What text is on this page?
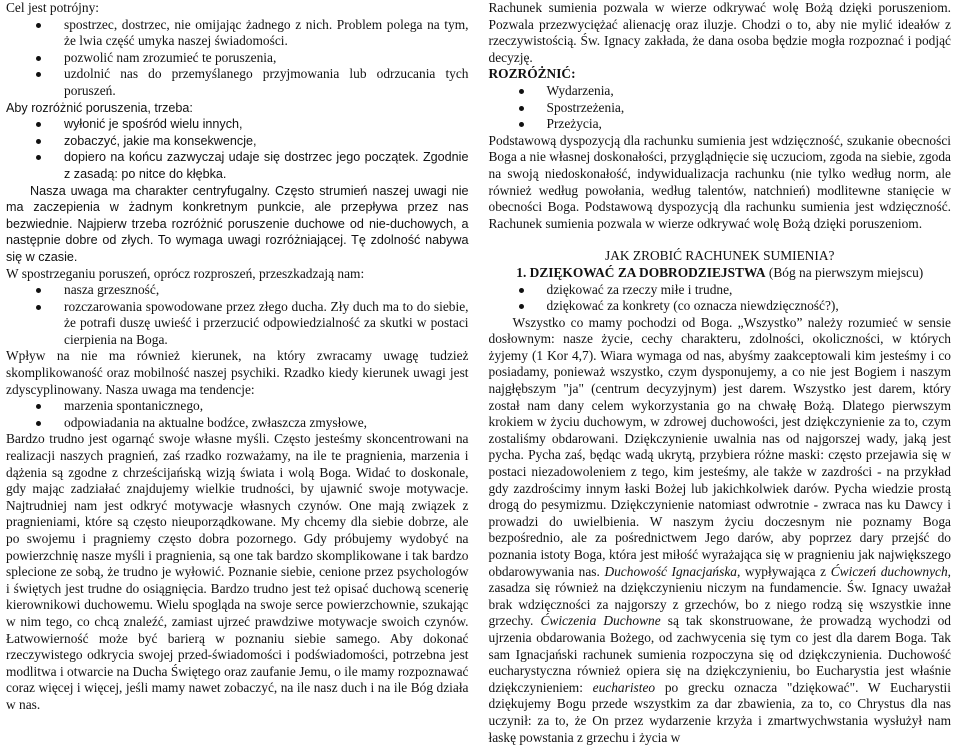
Cel jest potrójny:

spostrzec, dostrzec, nie omijając żadnego z nich. Problem polega na tym, że lwia część umyka naszej świadomości.
pozwolić nam zrozumieć te poruszenia,
uzdolnić nas do przemyślanego przyjmowania lub odrzucania tych poruszeń.

Aby rozróżnić poruszenia, trzeba:

wyłonić je spośród wielu innych,
zobaczyć, jakie ma konsekwencje,
dopiero na końcu zazwyczaj udaje się dostrzec jego początek. Zgodnie z zasadą: po nitce do kłębka.

Nasza uwaga ma charakter centryfugalny. Często strumień naszej uwagi nie ma zaczepienia w żadnym konkretnym punkcie, ale przepływa przez nas bezwiednie. Najpierw trzeba rozróżnić poruszenie duchowe od nie-duchowych, a następnie dobre od złych. To wymaga uwagi rozróżniającej. Tę zdolność nabywa się w czasie.

W spostrzeganiu poruszeń, oprócz rozproszeń, przeszkadzają nam:

nasza grzeszność,
rozczarowania spowodowane przez złego ducha. Zły duch ma to do siebie, że potrafi duszę uwieść i przerzucić odpowiedzialność za skutki w postaci cierpienia na Boga.

Wpływ na nie ma również kierunek, na który zwracamy uwagę tudzież skomplikowaność oraz mobilność naszej psychiki. Rzadko kiedy kierunek uwagi jest zdyscyplinowany. Nasza uwaga ma tendencje:

marzenia spontanicznego,
odpowiadania na aktualne bodźce, zwłaszcza zmysłowe,

Bardzo trudno jest ogarnąć swoje własne myśli. Często jesteśmy skoncentrowani na realizacji naszych pragnień, zaś rzadko rozważamy, na ile te pragnienia, marzenia i dążenia są zgodne z chrześcijańską wizją świata i wolą Boga. Widać to doskonale, gdy mając zadziałać znajdujemy wielkie trudności, by ujawnić swoje motywacje. Najtrudniej nam jest odkryć motywacje własnych czynów. One mają związek z pragnieniami, które są często nieuporządkowane. My chcemy dla siebie dobrze, ale po swojemu i pragniemy często dobra pozornego. Gdy próbujemy wydobyć na powierzchnię nasze myśli i pragnienia, są one tak bardzo skomplikowane i tak bardzo splecione ze sobą, że trudno je wyłowić. Poznanie siebie, cenione przez psychologów i świętych jest trudne do osiągnięcia. Bardzo trudno jest też opisać duchową scenerię kierownikowi duchowemu. Wielu spogląda na swoje serce powierzchownie, szukając w nim tego, co chcą znaleźć, zamiast ujrzeć prawdziwe motywacje swoich czynów. Łatwowierność może być barierą w poznaniu siebie samego. Aby dokonać rzeczywistego odkrycia swojej przed-świadomości i podświadomości, potrzebna jest modlitwa i otwarcie na Ducha Świętego oraz zaufanie Jemu, o ile mamy rozpoznawać coraz więcej i więcej, jeśli mamy nawet zobaczyć, na ile nasz duch i na ile Bóg działa w nas.

Rachunek sumienia pozwala w wierze odkrywać wolę Bożą dzięki poruszeniom. Pozwala przezwyciężać alienację oraz iluzje. Chodzi o to, aby nie mylić ideałów z rzeczywistością. Św. Ignacy zakłada, że dana osoba będzie mogła rozpoznać i podjąć decyzję.

ROZRÓŻNIĆ:

Wydarzenia,
Spostrzeżenia,
Przeżycia,

Podstawową dyspozycją dla rachunku sumienia jest wdzięczność, szukanie obecności Boga a nie własnej doskonałości, przyglądnięcie się uczuciom, zgoda na siebie, zgoda na swoją niedoskonałość, indywidualizacja rachunku (nie tylko według norm, ale również według powołania, według talentów, natchnień) modlitewne stanięcie w obecności Boga. Podstawową dyspozycją dla rachunku sumienia jest wdzięczność. Rachunek sumienia pozwala w wierze odkrywać wolę Bożą dzięki poruszeniom.

JAK ZROBIĆ RACHUNEK SUMIENIA?

1. DZIĘKOWAĆ ZA DOBRODZIEJSTWA (Bóg na pierwszym miejscu)

dziękować za rzeczy miłe i trudne,
dziękować za konkrety (co oznacza niewdzięczność?),

Wszystko co mamy pochodzi od Boga. „Wszystko” należy rozumieć w sensie dosłownym: nasze życie, cechy charakteru, zdolności, okoliczności, w których żyjemy (1 Kor 4,7). Wiara wymaga od nas, abyśmy zaakceptowali kim jesteśmy i co posiadamy, ponieważ wszystko, czym dysponujemy, a co nie jest Bogiem i naszym najgłębszym "ja" (centrum decyzyjnym) jest darem. Wszystko jest darem, który został nam dany celem wykorzystania go na chwałę Bożą. Dlatego pierwszym krokiem w życiu duchowym, w zdrowej duchowości, jest dziękczynienie za to, czym zostaliśmy obdarowani. Dziękczynienie uwalnia nas od najgorszej wady, jaką jest pycha. Pycha zaś, będąc wadą ukrytą, przybiera różne maski: często przejawia się w postaci niezadowoleniem z tego, kim jesteśmy, ale także w zazdrości - na przykład gdy zazdrościmy innym łaski Bożej lub jakichkolwiek darów. Pycha wiedzie prostą drogą do pesymizmu. Dziękczynienie natomiast odwrotnie - zwraca nas ku Dawcy i prowadzi do uwielbienia. W naszym życiu doczesnym nie poznamy Boga bezpośrednio, ale za pośrednictwem Jego darów, aby poprzez dary przejść do poznania istoty Boga, która jest miłość wyrażająca się w pragnieniu jak największego obdarowywania nas. Duchowość Ignacjańska, wypływająca z Ćwiczeń duchownych, zasadza się również na dziękczynieniu niczym na fundamencie. Św. Ignacy uważał brak wdzięczności za najgorszy z grzechów, bo z niego rodzą się wszystkie inne grzechy. Ćwiczenia Duchowne są tak skonstruowane, że prowadzą wychodzi od ujrzenia obdarowania Bożego, od zachwycenia się tym co jest dla darem Boga. Tak sam Ignacjański rachunek sumienia rozpoczyna się od dziękczynienia. Duchowość eucharystyczna również opiera się na dziękczynieniu, bo Eucharystia jest właśnie dziękczynieniem: eucharisteo po grecku oznacza "dziękować". W Eucharystii dziękujemy Bogu przede wszystkim za dar zbawienia, za to, co Chrystus dla nas uczynił: za to, że On przez wydarzenie krzyża i zmartwychwstania wysłużył nam łaskę powstania z grzechu i życia w
